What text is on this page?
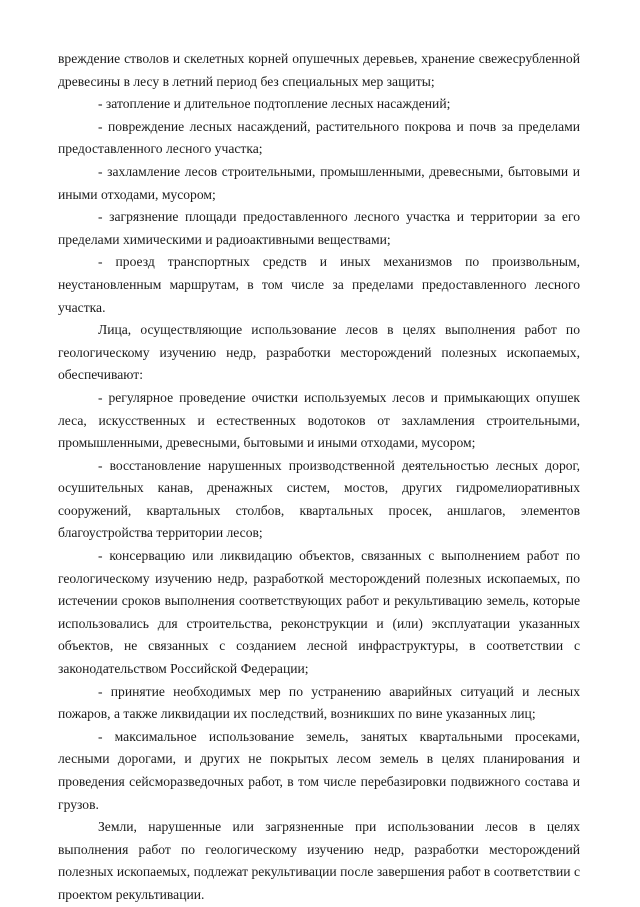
вреждение стволов и скелетных корней опушечных деревьев, хранение свежесрубленной древесины в лесу в летний период без специальных мер защиты;

- затопление и длительное подтопление лесных насаждений;

- повреждение лесных насаждений, растительного покрова и почв за пределами предоставленного лесного участка;

- захламление лесов строительными, промышленными, древесными, бытовыми и иными отходами, мусором;

- загрязнение площади предоставленного лесного участка и территории за его пределами химическими и радиоактивными веществами;

- проезд транспортных средств и иных механизмов по произвольным, неустановленным маршрутам, в том числе за пределами предоставленного лесного участка.

Лица, осуществляющие использование лесов в целях выполнения работ по геологическому изучению недр, разработки месторождений полезных ископаемых, обеспечивают:

- регулярное проведение очистки используемых лесов и примыкающих опушек леса, искусственных и естественных водотоков от захламления строительными, промышленными, древесными, бытовыми и иными отходами, мусором;

- восстановление нарушенных производственной деятельностью лесных дорог, осушительных канав, дренажных систем, мостов, других гидромелиоративных сооружений, квартальных столбов, квартальных просек, аншлагов, элементов благоустройства территории лесов;

- консервацию или ликвидацию объектов, связанных с выполнением работ по геологическому изучению недр, разработкой месторождений полезных ископаемых, по истечении сроков выполнения соответствующих работ и рекультивацию земель, которые использовались для строительства, реконструкции и (или) эксплуатации указанных объектов, не связанных с созданием лесной инфраструктуры, в соответствии с законодательством Российской Федерации;

- принятие необходимых мер по устранению аварийных ситуаций и лесных пожаров, а также ликвидации их последствий, возникших по вине указанных лиц;

- максимальное использование земель, занятых квартальными просеками, лесными дорогами, и других не покрытых лесом земель в целях планирования и проведения сейсморазведочных работ, в том числе перебазировки подвижного состава и грузов.

Земли, нарушенные или загрязненные при использовании лесов в целях выполнения работ по геологическому изучению недр, разработки месторождений полезных ископаемых, подлежат рекультивации после завершения работ в соответствии с проектом рекультивации.
